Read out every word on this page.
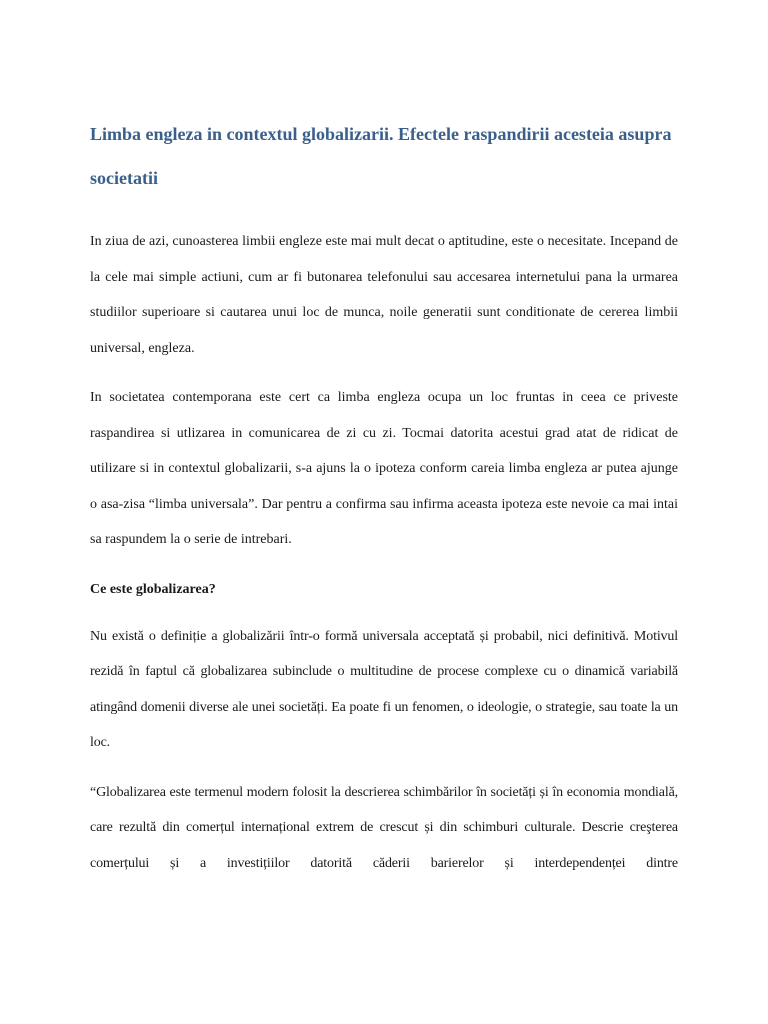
Limba engleza in contextul globalizarii. Efectele raspandirii acesteia asupra societatii

In ziua de azi, cunoasterea limbii engleze este mai mult decat o aptitudine, este o necesitate. Incepand de la cele mai simple actiuni, cum ar fi butonarea telefonului sau accesarea internetului pana la urmarea studiilor superioare si cautarea unui loc de munca, noile generatii sunt conditionate de cererea limbii universal, engleza.

In societatea contemporana este cert ca limba engleza ocupa un loc fruntas in ceea ce priveste raspandirea si utlizarea in comunicarea de zi cu zi. Tocmai datorita acestui grad atat de ridicat de utilizare si in contextul globalizarii, s-a ajuns la o ipoteza conform careia limba engleza ar putea ajunge o asa-zisa “limba universala”. Dar pentru a confirma sau infirma aceasta ipoteza este nevoie ca mai intai sa raspundem la o serie de intrebari.

Ce este globalizarea?

Nu există o definiție a globalizării într-o formă universala acceptată și probabil, nici definitivă. Motivul rezidă în faptul că globalizarea subinclude o multitudine de procese complexe cu o dinamică variabilă atingând domenii diverse ale unei societăți. Ea poate fi un fenomen, o ideologie, o strategie, sau toate la un loc.

“Globalizarea este termenul modern folosit la descrierea schimbărilor în societăți și în economia mondială, care rezultă din comerțul internațional extrem de crescut și din schimburi culturale. Descrie creşterea comerțului și a investițiilor datorită căderii barierelor și interdependenței dintre
